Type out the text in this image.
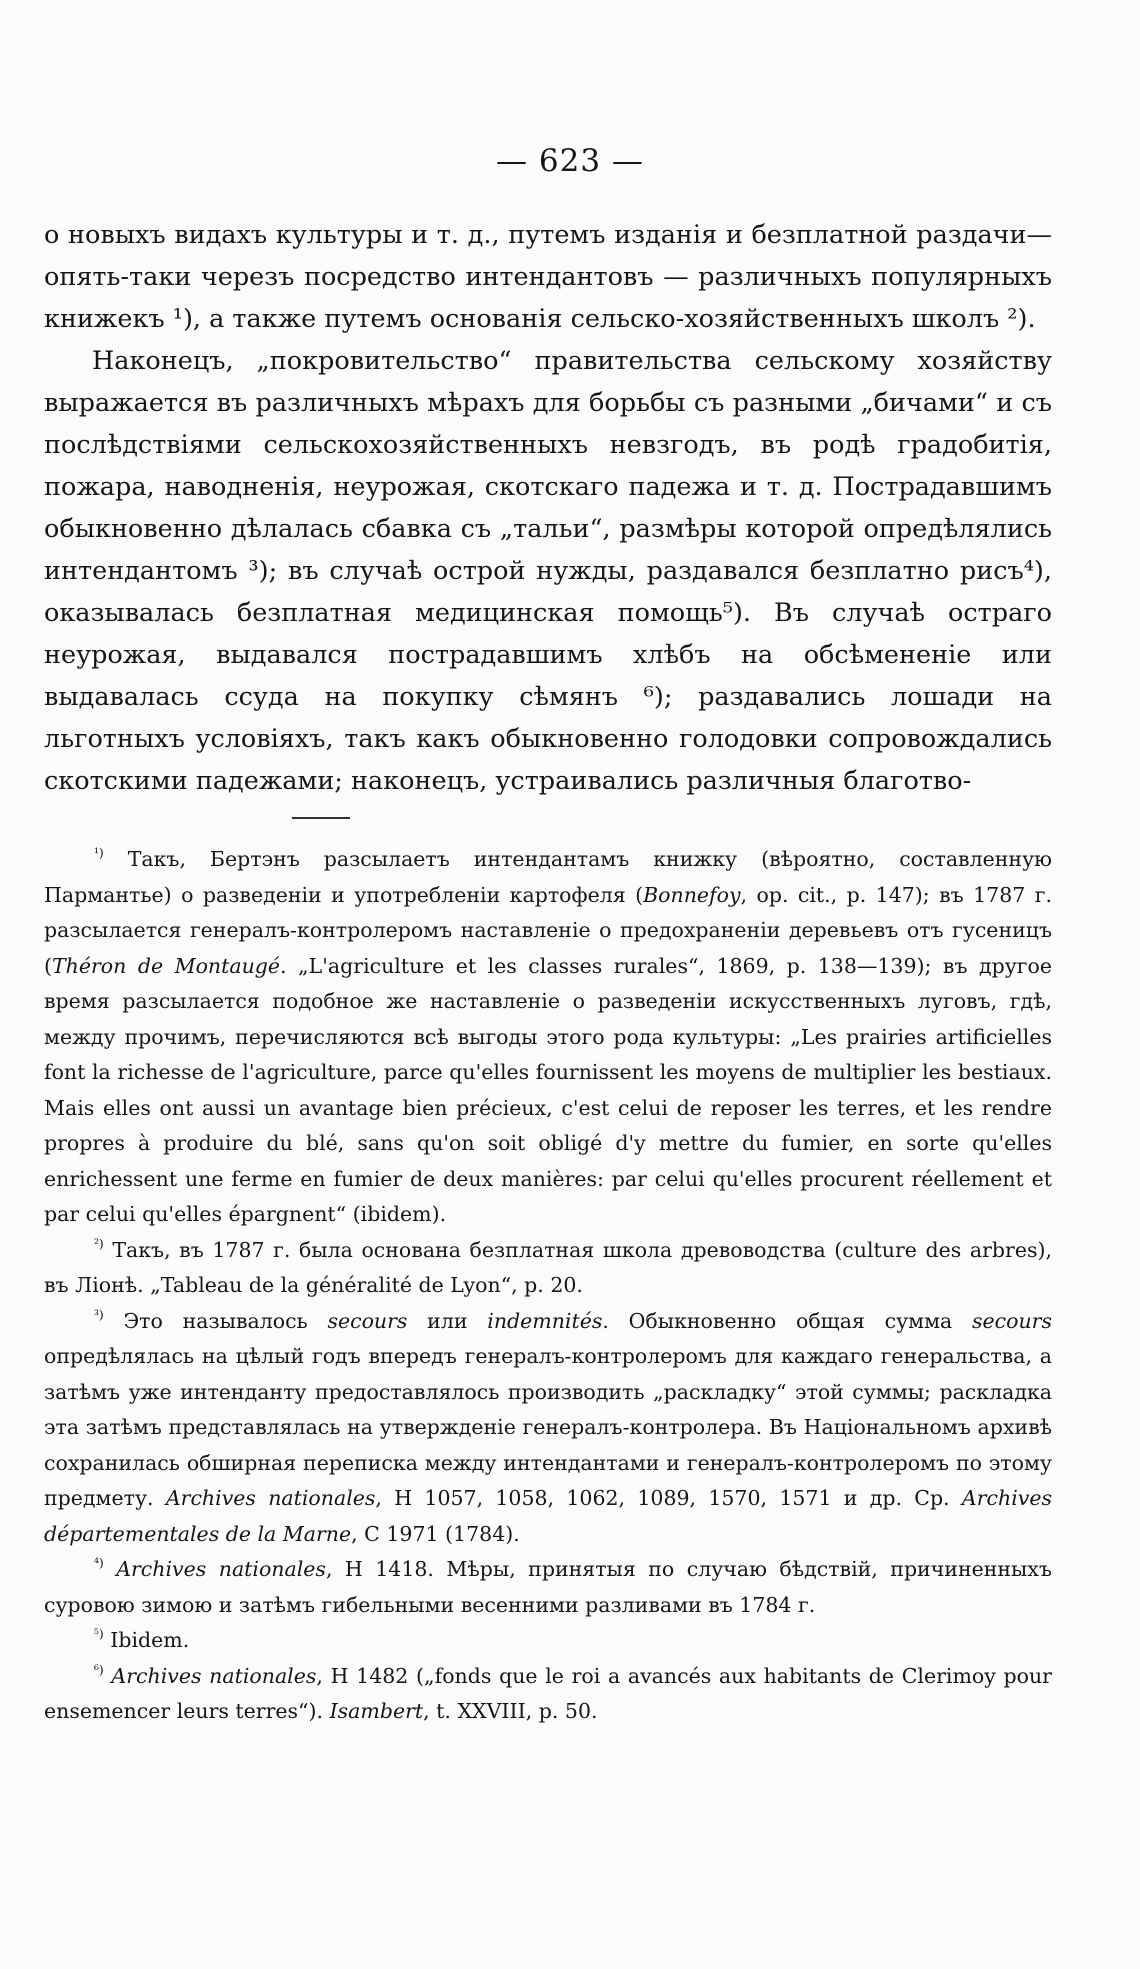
— 623 —

о новыхъ видахъ культуры и т. д., путемъ изданія и безплатной раздачи—опять-таки черезъ посредство интендантовъ — различныхъ популярныхъ книжекъ ¹), а также путемъ основанія сельско-хозяйственныхъ школъ ²).

Наконецъ, „покровительство“ правительства сельскому хозяйству выражается въ различныхъ мѣрахъ для борьбы съ разными „бичами“ и съ послѣдствіями сельскохозяйственныхъ невзгодъ, въ родѣ градобитія, пожара, наводненія, неурожая, скотскаго падежа и т. д. Пострадавшимъ обыкновенно дѣлалась сбавка съ „тальи“, размѣры которой опредѣлялись интендантомъ ³); въ случаѣ острой нужды, раздавался безплатно рисъ⁴), оказывалась безплатная медицинская помощь⁵). Въ случаѣ остраго неурожая, выдавался пострадавшимъ хлѣбъ на обсѣмененіе или выдавалась ссуда на покупку сѣмянъ ⁶); раздавались лошади на льготныхъ условіяхъ, такъ какъ обыкновенно голодовки сопровождались скотскими падежами; наконецъ, устраивались различныя благотво-

$^{^1)}$ Такъ, Бертэнъ разсылаетъ интендантамъ книжку (вѣроятно, составленную Пармантье) о разведеніи и употребленіи картофеля (Bonnefoy, op. cit., p. 147); въ 1787 г. разсылается генералъ-контролеромъ наставленіе о предохраненіи деревьевъ отъ гусеницъ (Théron de Montaugé. „L'agriculture et les classes rurales“, 1869, p. 138—139); въ другое время разсылается подобное же наставленіе о разведеніи искусственныхъ луговъ, гдѣ, между прочимъ, перечисляются всѣ выгоды этого рода культуры: „Les prairies artificielles font la richesse de l'agriculture, parce qu'elles fournissent les moyens de multiplier les bestiaux. Mais elles ont aussi un avantage bien précieux, c'est celui de reposer les terres, et les rendre propres à produire du blé, sans qu'on soit obligé d'y mettre du fumier, en sorte qu'elles enrichessent une ferme en fumier de deux manières: par celui qu'elles procurent réellement et par celui qu'elles épargnent“ (ibidem).

$^{^2)}$ Такъ, въ 1787 г. была основана безплатная школа древоводства (culture des arbres), въ Ліонѣ. „Tableau de la généralité de Lyon“, p. 20.

$^{^3)}$ Это называлось secours или indemnités. Обыкновенно общая сумма secours опредѣлялась на цѣлый годъ впередъ генералъ-контролеромъ для каждаго генеральства, а затѣмъ уже интенданту предоставлялось производить „раскладку“ этой суммы; раскладка эта затѣмъ представлялась на утвержденіе генералъ-контролера. Въ Національномъ архивѣ сохранилась обширная переписка между интендантами и генералъ-контролеромъ по этому предмету. Archives nationales, H 1057, 1058, 1062, 1089, 1570, 1571 и др. Ср. Archives départementales de la Marne, C 1971 (1784).

$^{^4)}$ Archives nationales, H 1418. Мѣры, принятыя по случаю бѣдствій, причиненныхъ суровою зимою и затѣмъ гибельными весенними разливами въ 1784 г.

$^{^5)}$ Ibidem.

$^{^6)}$ Archives nationales, H 1482 („fonds que le roi a avancés aux habitants de Clerimoy pour ensemencer leurs terres“). Isambert, t. XXVIII, p. 50.
